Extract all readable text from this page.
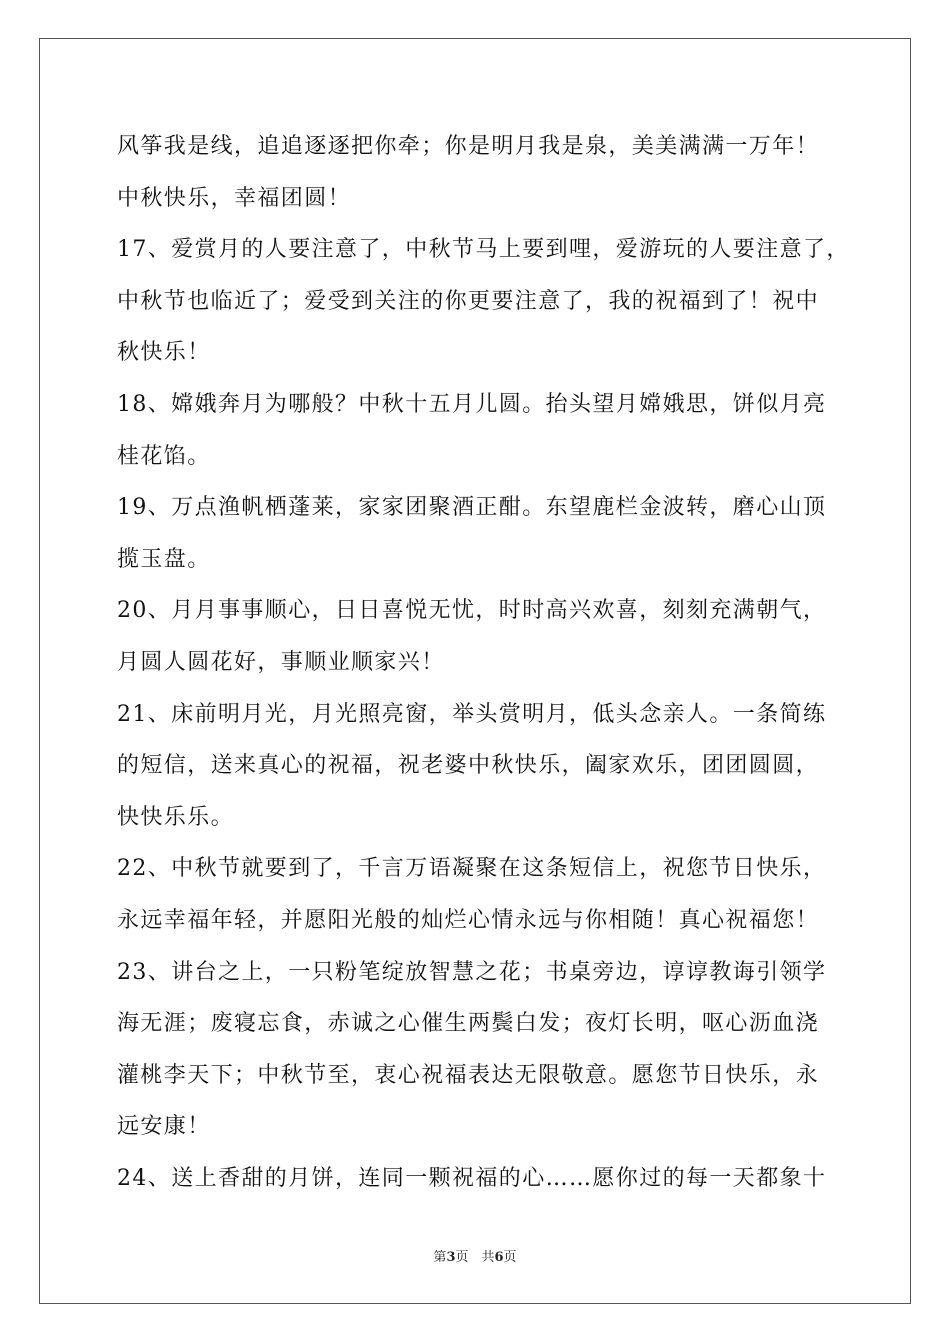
风筝我是线，追追逐逐把你牵；你是明月我是泉，美美满满一万年！
中秋快乐，幸福团圆！
17、爱赏月的人要注意了，中秋节马上要到哩，爱游玩的人要注意了，
中秋节也临近了；爱受到关注的你更要注意了，我的祝福到了！祝中
秋快乐！
18、嫦娥奔月为哪般？中秋十五月儿圆。抬头望月嫦娥思，饼似月亮
桂花馅。
19、万点渔帆栖蓬莱，家家团聚酒正酣。东望鹿栏金波转，磨心山顶
揽玉盘。
20、月月事事顺心，日日喜悦无忧，时时高兴欢喜，刻刻充满朝气，
月圆人圆花好，事顺业顺家兴！
21、床前明月光，月光照亮窗，举头赏明月，低头念亲人。一条简练
的短信，送来真心的祝福，祝老婆中秋快乐，阖家欢乐，团团圆圆，
快快乐乐。
22、中秋节就要到了，千言万语凝聚在这条短信上，祝您节日快乐，
永远幸福年轻，并愿阳光般的灿烂心情永远与你相随！真心祝福您！
23、讲台之上，一只粉笔绽放智慧之花；书桌旁边，谆谆教诲引领学
海无涯；废寝忘食，赤诚之心催生两鬓白发；夜灯长明，呕心沥血浇
灌桃李天下；中秋节至，衷心祝福表达无限敬意。愿您节日快乐，永
远安康！
24、送上香甜的月饼，连同一颗祝福的心……愿你过的每一天都象十
第3页　共6页
